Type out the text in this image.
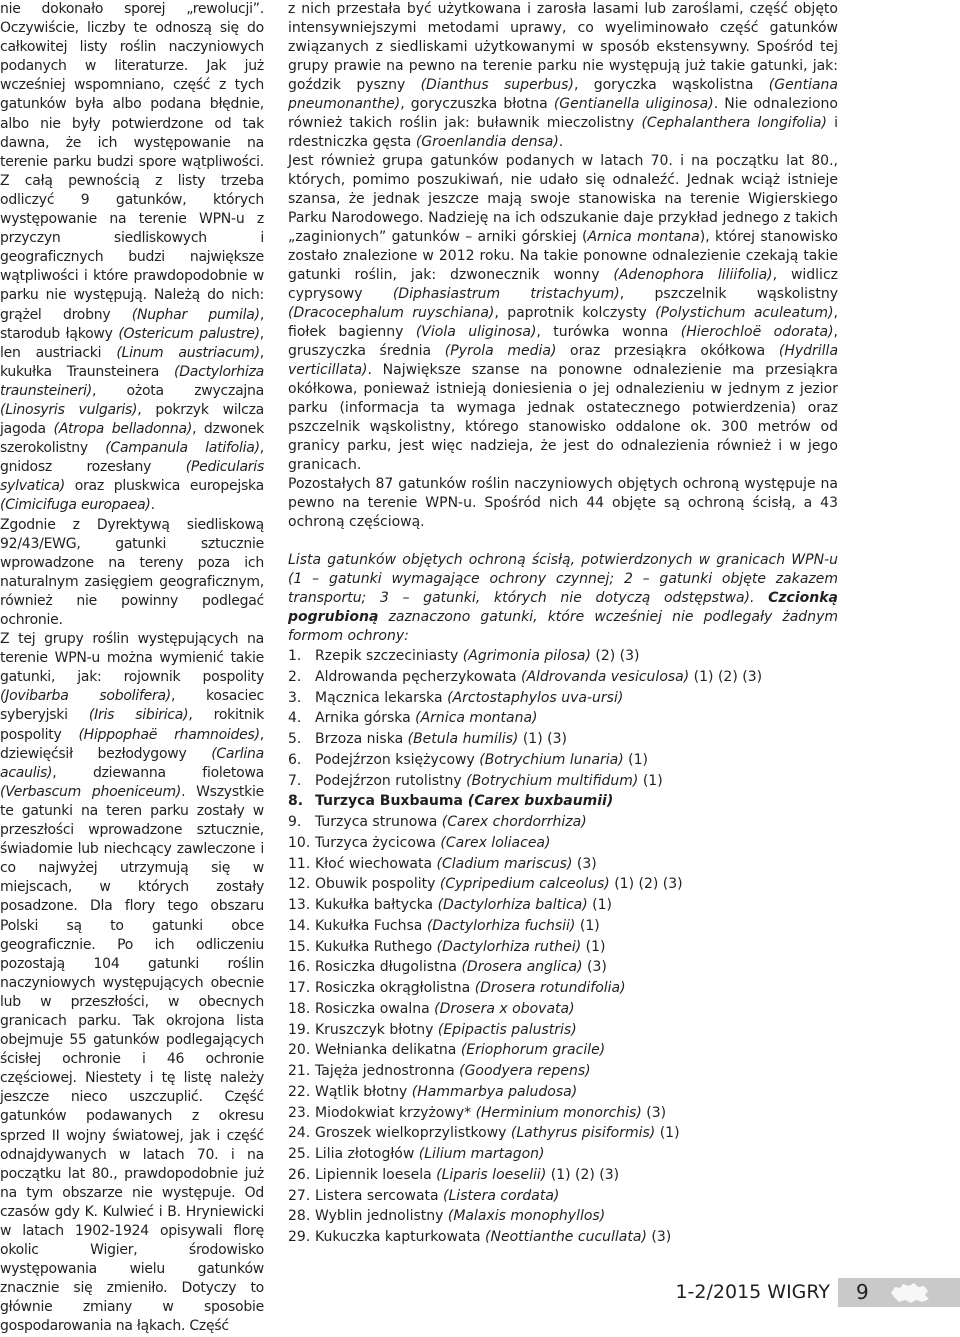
nie dokonało sporej „rewolucji”. Oczywiście, liczby te odnoszą się do całkowitej listy roślin naczyniowych podanych w literaturze. Jak już wcześniej wspomniano, część z tych gatunków była albo podana błędnie, albo nie były potwierdzone od tak dawna, że ich występowanie na terenie parku budzi spore wątpliwości. Z całą pewnością z listy trzeba odliczyć 9 gatunków, których występowanie na terenie WPN-u z przyczyn siedliskowych i geograficznych budzi największe wątpliwości i które prawdopodobnie w parku nie występują. Należą do nich: grążel drobny (Nuphar pumila), starodub łąkowy (Ostericum palustre), len austriacki (Linum austriacum), kukułka Traunsteinera (Dactylorhiza traunsteineri), ożota zwyczajna (Linosyris vulgaris), pokrzyk wilcza jagoda (Atropa belladonna), dzwonek szerokolistny (Campanula latifolia), gnidosz rozesłany (Pedicularis sylvatica) oraz pluskwica europejska (Cimicifuga europaea).

Zgodnie z Dyrektywą siedliskową 92/43/EWG, gatunki sztucznie wprowadzone na tereny poza ich naturalnym zasięgiem geograficznym, również nie powinny podlegać ochronie.

Z tej grupy roślin występujących na terenie WPN-u można wymienić takie gatunki, jak: rojownik pospolity (Jovibarba sobolifera), kosaciec syberyjski (Iris sibirica), rokitnik pospolity (Hippophaë rhamnoides), dziewięćsił bezłodygowy (Carlina acaulis), dziewanna fioletowa (Verbascum phoeniceum). Wszystkie te gatunki na teren parku zostały w przeszłości wprowadzone sztucznie, świadomie lub niechcący zawleczone i co najwyżej utrzymują się w miejscach, w których zostały posadzone. Dla flory tego obszaru Polski są to gatunki obce geograficznie. Po ich odliczeniu pozostają 104 gatunki roślin naczyniowych występujących obecnie lub w przeszłości, w obecnych granicach parku. Tak okrojona lista obejmuje 55 gatunków podlegających ścisłej ochronie i 46 ochronie częściowej. Niestety i tę listę należy jeszcze nieco uszczuplić. Część gatunków podawanych z okresu sprzed II wojny światowej, jak i część odnajdywanych w latach 70. i na początku lat 80., prawdopodobnie już na tym obszarze nie występuje. Od czasów gdy K. Kulwieć i B. Hryniewicki w latach 1902-1924 opisywali florę okolic Wigier, środowisko występowania wielu gatunków znacznie się zmieniło. Dotyczy to głównie zmiany w sposobie gospodarowania na łąkach. Część

z nich przestała być użytkowana i zarosła lasami lub zaroślami, część objęto intensywniejszymi metodami uprawy, co wyeliminowało część gatunków związanych z siedliskami użytkowanymi w sposób ekstensywny. Spośród tej grupy prawie na pewno na terenie parku nie występują już takie gatunki, jak: goździk pyszny (Dianthus superbus), goryczka wąskolistna (Gentiana pneumonanthe), goryczuszka błotna (Gentianella uliginosa). Nie odnaleziono również takich roślin jak: buławnik mieczolistny (Cephalanthera longifolia) i rdestniczka gęsta (Groenlandia densa).

Jest również grupa gatunków podanych w latach 70. i na początku lat 80., których, pomimo poszukiwań, nie udało się odnaleźć. Jednak wciąż istnieje szansa, że jednak jeszcze mają swoje stanowiska na terenie Wigierskiego Parku Narodowego. Nadzieję na ich odszukanie daje przykład jednego z takich „zaginionych” gatunków – arniki górskiej (Arnica montana), której stanowisko zostało znalezione w 2012 roku. Na takie ponowne odnalezienie czekają takie gatunki roślin, jak: dzwonecznik wonny (Adenophora liliifolia), widlicz cyprysowy (Diphasiastrum tristachyum), pszczelnik wąskolistny (Dracocephalum ruyschiana), paprotnik kolczysty (Polystichum aculeatum), fiołek bagienny (Viola uliginosa), turówka wonna (Hierochloë odorata), gruszyczka średnia (Pyrola media) oraz przesiąkra okółkowa (Hydrilla verticillata). Największe szanse na ponowne odnalezienie ma przesiąkra okółkowa, ponieważ istnieją doniesienia o jej odnalezieniu w jednym z jezior parku (informacja ta wymaga jednak ostatecznego potwierdzenia) oraz pszczelnik wąskolistny, którego stanowisko oddalone ok. 300 metrów od granicy parku, jest więc nadzieja, że jest do odnalezienia również i w jego granicach.

Pozostałych 87 gatunków roślin naczyniowych objętych ochroną występuje na pewno na terenie WPN-u. Spośród nich 44 objęte są ochroną ścisłą, a 43 ochroną częściową.

Lista gatunków objętych ochroną ścisłą, potwierdzonych w granicach WPN-u (1 – gatunki wymagające ochrony czynnej; 2 – gatunki objęte zakazem transportu; 3 – gatunki, których nie dotyczą odstępstwa). Czcionką pogrubioną zaznaczono gatunki, które wcześniej nie podlegały żadnym formom ochrony:

1. Rzepik szczeciniasty (Agrimonia pilosa) (2) (3)
2. Aldrowanda pęcherzykowata (Aldrovanda vesiculosa) (1) (2) (3)
3. Mącznica lekarska (Arctostaphylos uva-ursi)
4. Arnika górska (Arnica montana)
5. Brzoza niska (Betula humilis) (1) (3)
6. Podejźrzon księżycowy (Botrychium lunaria) (1)
7. Podejźrzon rutolistny (Botrychium multifidum) (1)
8. Turzyca Buxbauma (Carex buxbaumii)
9. Turzyca strunowa (Carex chordorrhiza)
10. Turzyca życicowa (Carex loliacea)
11. Kłoć wiechowata (Cladium mariscus) (3)
12. Obuwik pospolity (Cypripedium calceolus) (1) (2) (3)
13. Kukułka bałtycka (Dactylorhiza baltica) (1)
14. Kukułka Fuchsa (Dactylorhiza fuchsii) (1)
15. Kukułka Ruthego (Dactylorhiza ruthei) (1)
16. Rosiczka długolistna (Drosera anglica) (3)
17. Rosiczka okrągłolistna (Drosera rotundifolia)
18. Rosiczka owalna (Drosera x obovata)
19. Kruszczyk błotny (Epipactis palustris)
20. Wełnianka delikatna (Eriophorum gracile)
21. Tajęża jednostronna (Goodyera repens)
22. Wątlik błotny (Hammarbya paludosa)
23. Miodokwiat krzyżowy* (Herminium monorchis) (3)
24. Groszek wielkoprzylistkowy (Lathyrus pisiformis) (1)
25. Lilia złotogłów (Lilium martagon)
26. Lipiennik loesela (Liparis loeselii) (1) (2) (3)
27. Listera sercowata (Listera cordata)
28. Wyblin jednolistny (Malaxis monophyllos)
29. Kukuczka kapturkowata (Neottianthe cucullata) (3)
1-2/2015 WIGRY 9
